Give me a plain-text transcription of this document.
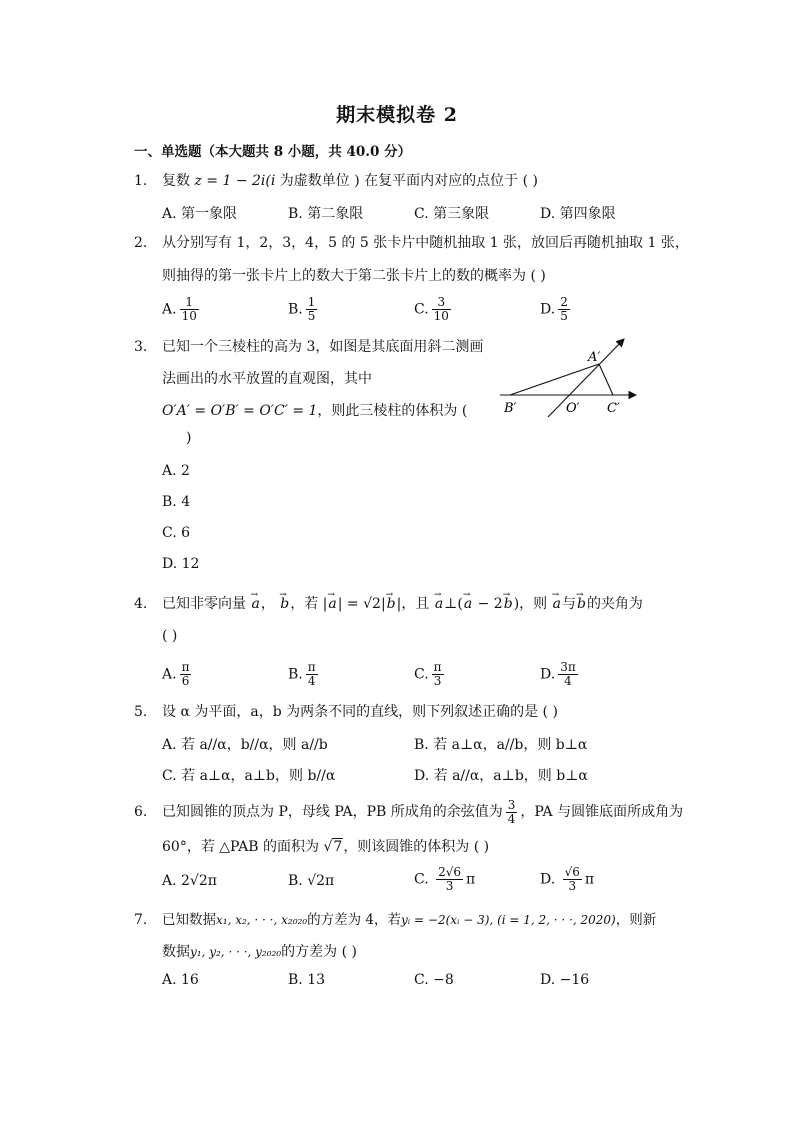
期末模拟卷 2
一、单选题（本大题共 8 小题，共 40.0 分）
1.	复数 z = 1 − 2i(i 为虚数单位 ) 在复平面内对应的点位于 ( )
A. 第一象限	B. 第二象限	C. 第三象限	D. 第四象限
2.	从分别写有 1，2，3，4，5 的 5 张卡片中随机抽取 1 张，放回后再随机抽取 1 张，
则抽得的第一张卡片上的数大于第二张卡片上的数的概率为 ( )
A. $\frac{1}{10}$	B. $\frac{1}{5}$	C. $\frac{3}{10}$	D. $\frac{2}{5}$
3.	已知一个三棱柱的高为 3，如图是其底面用斜二测画
法画出的水平放置的直观图，其中
O′A′ = O′B′ = O′C′ = 1，则此三棱柱的体积为 (
)
A. 2
B. 4
C. 6
D. 12
A′
B′	O′ C′
4.	已知非零向量 → a， → b，若 |→ a| = √2|→ b|，且 → a⊥(→ a − 2→ b)，则 → a与→ b的夹角为
( )
A. $\frac{\pi}{6}$	B. $\frac{\pi}{4}$	C. $\frac{\pi}{3}$	D. $\frac{3\pi}{4}$
5.	设 α 为平面，a，b 为两条不同的直线，则下列叙述正确的是 ( )
A. 若 a//α，b//α，则 a//b	B. 若 a⊥α，a//b，则 b⊥α
C. 若 a⊥α，a⊥b，则 b//α	D. 若 a//α，a⊥b，则 b⊥α
6.	已知圆锥的顶点为 P，母线 PA，PB 所成角的余弦值为 $\frac{3}{4}$ ，PA 与圆锥底面所成角为
60°，若 △PAB 的面积为 √7，则该圆锥的体积为 ( )
A. 2√2π	B. √2π	C. $\frac{2√6}{3}$ π	D. $\frac{√6}{3}$ π
7.	已知数据x₁, x₂, · · ·, x₂₀₂₀的方差为 4，若yᵢ = −2(xᵢ − 3), (i = 1, 2, · · ·, 2020)，则新
数据y₁, y₂, · · ·, y₂₀₂₀的方差为 ( )
A. 16	B. 13	C. −8	D. −16
